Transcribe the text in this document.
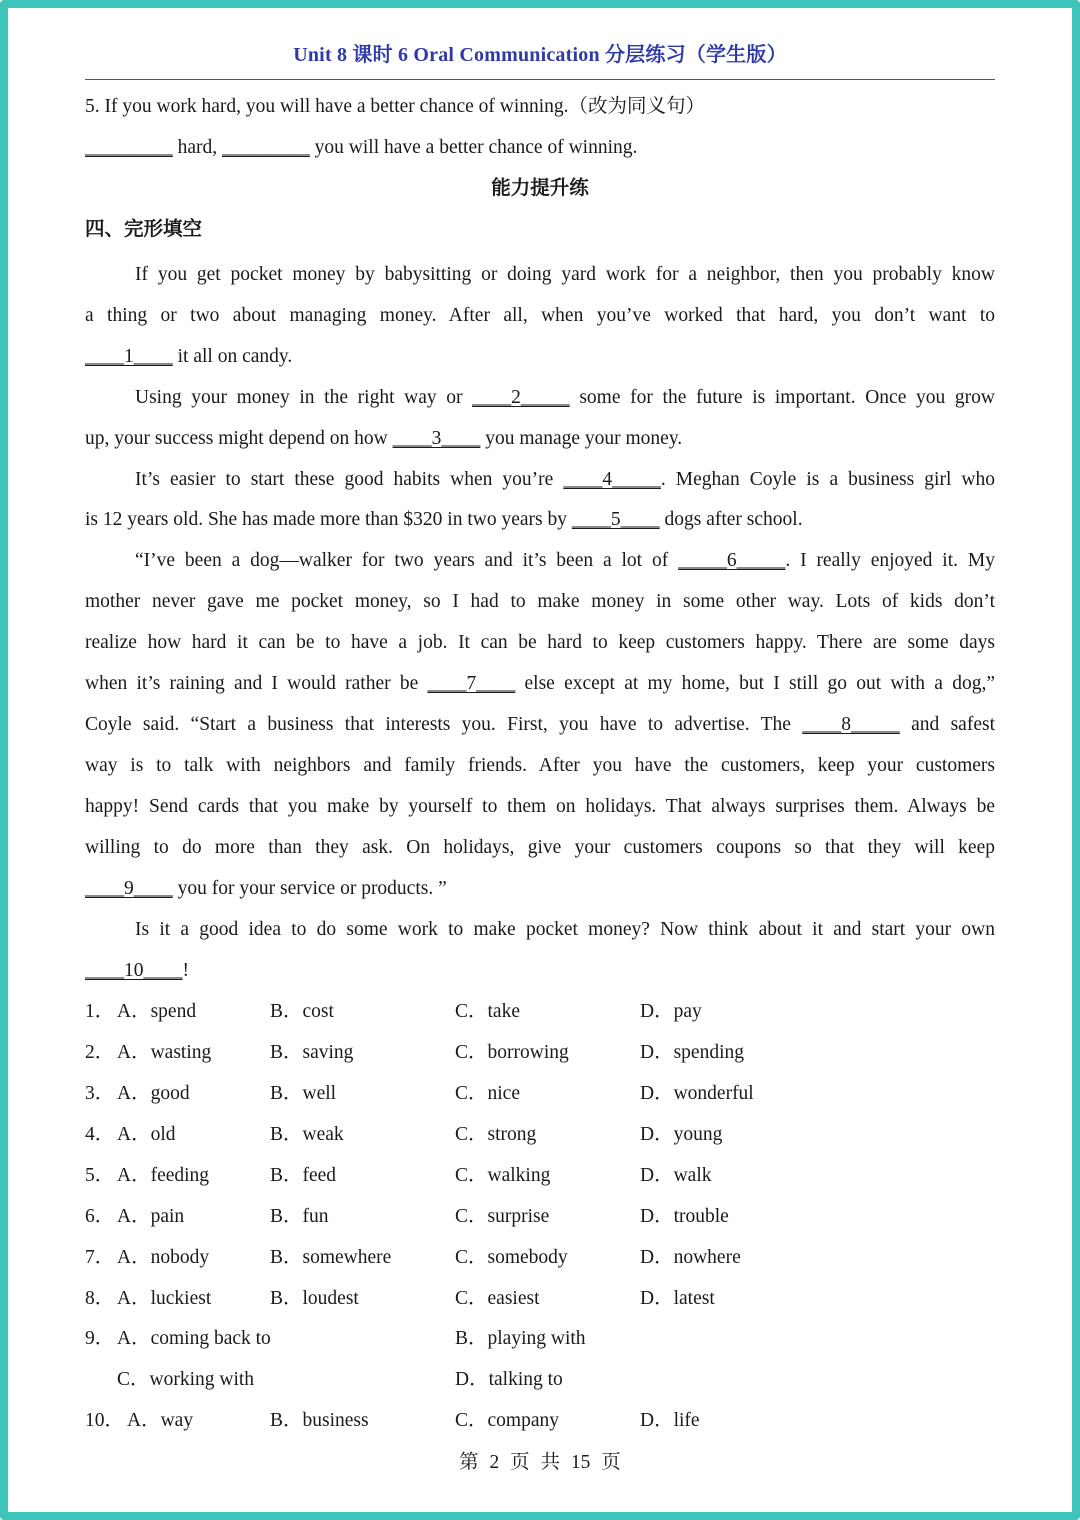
Unit 8 课时 6 Oral Communication 分层练习（学生版）
5. If you work hard, you will have a better chance of winning.（改为同义句）
_________ hard, _________ you will have a better chance of winning.
能力提升练
四、完形填空
If you get pocket money by babysitting or doing yard work for a neighbor, then you probably know
a thing or two about managing money. After all, when you’ve worked that hard, you don’t want to
____1____ it all on candy.
Using your money in the right way or ____2_____ some for the future is important. Once you grow
up, your success might depend on how ____3____ you manage your money.
It’s easier to start these good habits when you’re ____4_____. Meghan Coyle is a business girl who
is 12 years old. She has made more than $320 in two years by ____5____ dogs after school.
“I’ve been a dog—walker for two years and it’s been a lot of _____6_____. I really enjoyed it. My
mother never gave me pocket money, so I had to make money in some other way. Lots of kids don’t
realize how hard it can be to have a job. It can be hard to keep customers happy. There are some days
when it’s raining and I would rather be ____7____ else except at my home, but I still go out with a dog,”
Coyle said. “Start a business that interests you. First, you have to advertise. The ____8_____ and safest
way is to talk with neighbors and family friends. After you have the customers, keep your customers
happy! Send cards that you make by yourself to them on holidays. That always surprises them. Always be
willing to do more than they ask. On holidays, give your customers coupons so that they will keep
____9____ you for your service or products. ”
Is it a good idea to do some work to make pocket money? Now think about it and start your own
____10____!
1． A．spend	B．cost	C．take	D．pay
2． A．wasting	B．saving	C．borrowing	D．spending
3． A．good	B．well	C．nice	D．wonderful
4． A．old	B．weak	C．strong	D．young
5． A．feeding	B．feed	C．walking	D．walk
6． A．pain	B．fun	C．surprise	D．trouble
7． A．nobody	B．somewhere	C．somebody	D．nowhere
8． A．luckiest	B．loudest	C．easiest	D．latest
9． A．coming back to	B．playing with
C．working with	D．talking to
10． A．way	B．business	C．company	D．life
第 2 页 共 15 页
